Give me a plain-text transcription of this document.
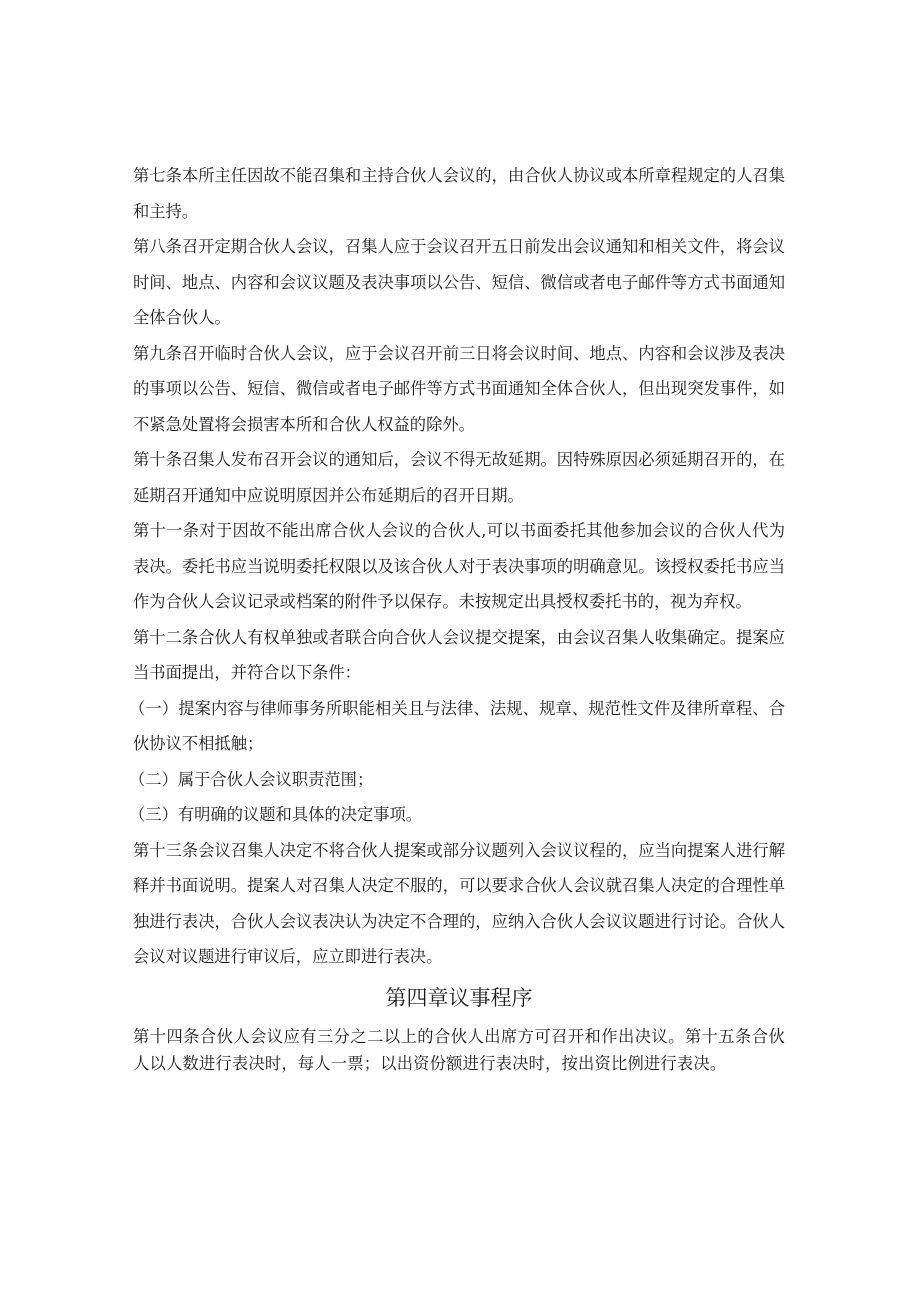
第七条本所主任因故不能召集和主持合伙人会议的，由合伙人协议或本所章程规定的人召集和主持。

第八条召开定期合伙人会议，召集人应于会议召开五日前发出会议通知和相关文件，将会议时间、地点、内容和会议议题及表决事项以公告、短信、微信或者电子邮件等方式书面通知全体合伙人。

第九条召开临时合伙人会议，应于会议召开前三日将会议时间、地点、内容和会议涉及表决的事项以公告、短信、微信或者电子邮件等方式书面通知全体合伙人，但出现突发事件，如不紧急处置将会损害本所和合伙人权益的除外。

第十条召集人发布召开会议的通知后，会议不得无故延期。因特殊原因必须延期召开的，在延期召开通知中应说明原因并公布延期后的召开日期。

第十一条对于因故不能出席合伙人会议的合伙人,可以书面委托其他参加会议的合伙人代为表决。委托书应当说明委托权限以及该合伙人对于表决事项的明确意见。该授权委托书应当作为合伙人会议记录或档案的附件予以保存。未按规定出具授权委托书的，视为弃权。

第十二条合伙人有权单独或者联合向合伙人会议提交提案，由会议召集人收集确定。提案应当书面提出，并符合以下条件：

（一）提案内容与律师事务所职能相关且与法律、法规、规章、规范性文件及律所章程、合伙协议不相抵触；

（二）属于合伙人会议职责范围；

（三）有明确的议题和具体的决定事项。

第十三条会议召集人决定不将合伙人提案或部分议题列入会议议程的，应当向提案人进行解释并书面说明。提案人对召集人决定不服的，可以要求合伙人会议就召集人决定的合理性单独进行表决，合伙人会议表决认为决定不合理的，应纳入合伙人会议议题进行讨论。合伙人会议对议题进行审议后，应立即进行表决。

第四章议事程序

第十四条合伙人会议应有三分之二以上的合伙人出席方可召开和作出决议。第十五条合伙人以人数进行表决时，每人一票；以出资份额进行表决时，按出资比例进行表决。
